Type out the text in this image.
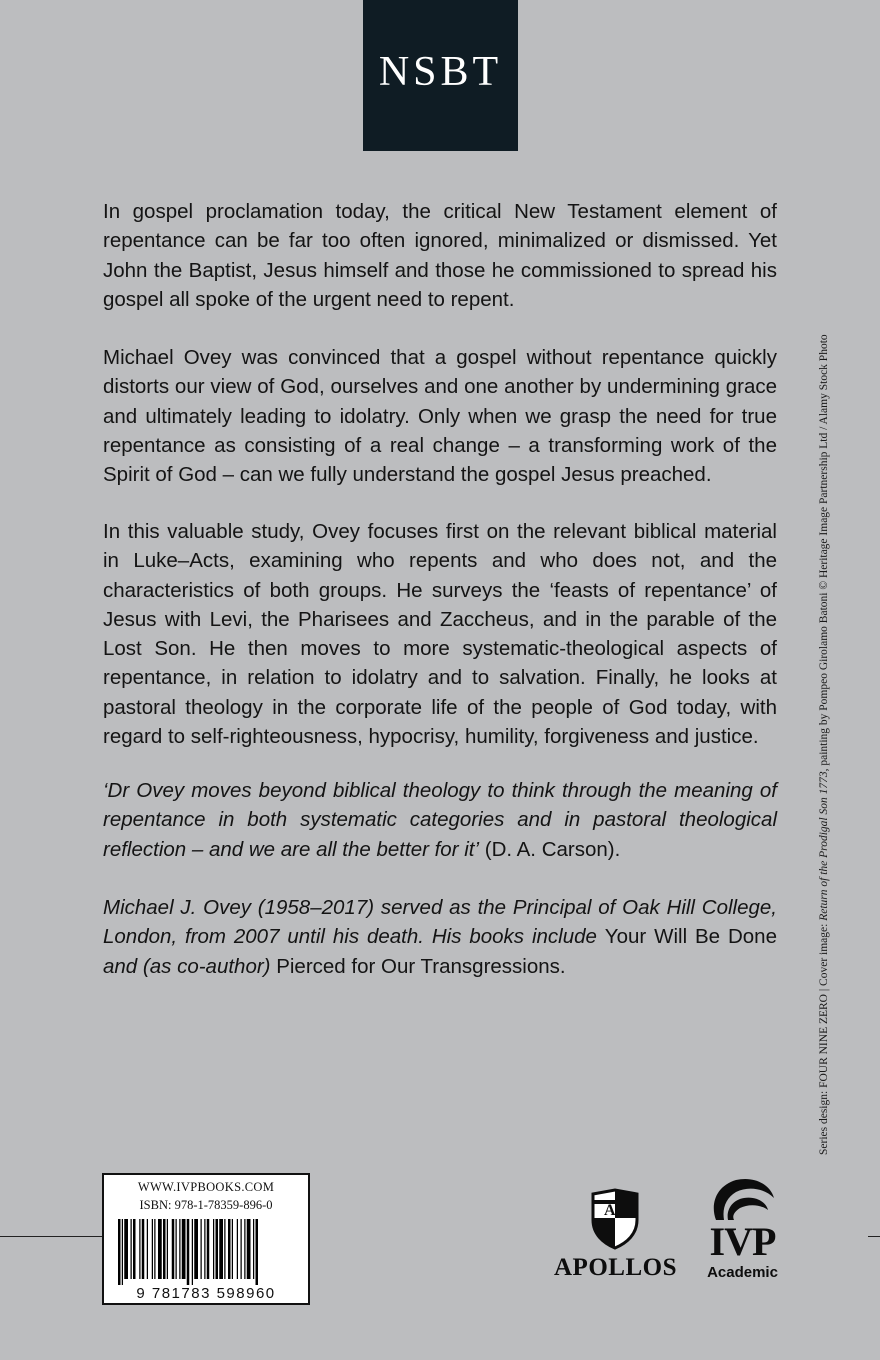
NSBT

In gospel proclamation today, the critical New Testament element of repentance can be far too often ignored, minimalized or dismissed. Yet John the Baptist, Jesus himself and those he commissioned to spread his gospel all spoke of the urgent need to repent.

Michael Ovey was convinced that a gospel without repentance quickly distorts our view of God, ourselves and one another by undermining grace and ultimately leading to idolatry. Only when we grasp the need for true repentance as consisting of a real change – a transforming work of the Spirit of God – can we fully understand the gospel Jesus preached.

In this valuable study, Ovey focuses first on the relevant biblical material in Luke–Acts, examining who repents and who does not, and the characteristics of both groups. He surveys the ‘feasts of repentance’ of Jesus with Levi, the Pharisees and Zaccheus, and in the parable of the Lost Son. He then moves to more systematic-theological aspects of repentance, in relation to idolatry and to salvation. Finally, he looks at pastoral theology in the corporate life of the people of God today, with regard to self-righteousness, hypocrisy, humility, forgiveness and justice.

‘Dr Ovey moves beyond biblical theology to think through the meaning of repentance in both systematic categories and in pastoral theological reflection – and we are all the better for it’ (D. A. Carson).

Michael J. Ovey (1958–2017) served as the Principal of Oak Hill College, London, from 2007 until his death. His books include Your Will Be Done and (as co-author) Pierced for Our Transgressions.	Series design: FOUR NINE ZERO | Cover image: Return of the Prodigal Son 1773, painting by Pompeo Girolamo Batoni © Heritage Image Partnership Ltd / Alamy Stock Photo
WWW.IVPBOOKS.COM
ISBN: 978-1-78359-896-0
9 781783 598960
A
APOLLOS
IVP
Academic
